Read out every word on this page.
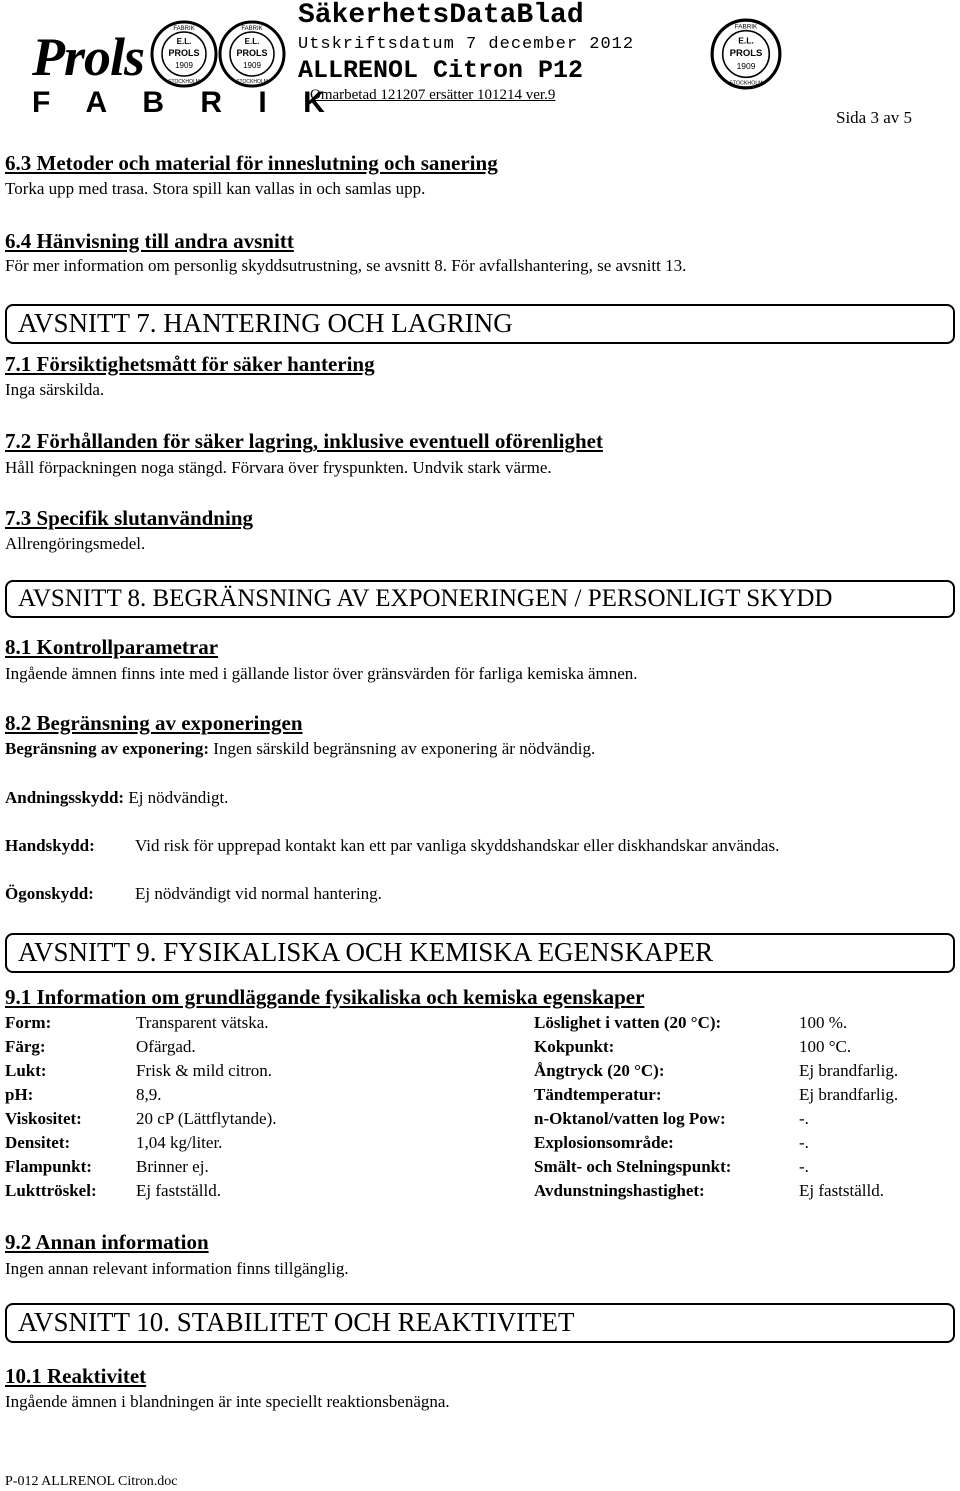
Prols
F A B R I K
E.L.
PROLS
1909
FABRIK
STOCKHOLM
E.L.
PROLS
1909
FABRIK
STOCKHOLM
E.L.
PROLS
1909
FABRIK
STOCKHOLM
SäkerhetsDataBlad
Utskriftsdatum 7 december 2012
ALLRENOL Citron P12
Omarbetad 121207 ersätter 101214 ver.9
Sida 3 av 5
6.3 Metoder och material för inneslutning och sanering
Torka upp med trasa. Stora spill kan vallas in och samlas upp.
6.4 Hänvisning till andra avsnitt
För mer information om personlig skyddsutrustning, se avsnitt 8. För avfallshantering, se avsnitt 13.
AVSNITT 7. HANTERING OCH LAGRING
7.1 Försiktighetsmått för säker hantering
Inga särskilda.
7.2 Förhållanden för säker lagring, inklusive eventuell oförenlighet
Håll förpackningen noga stängd. Förvara över fryspunkten. Undvik stark värme.
7.3 Specifik slutanvändning
Allrengöringsmedel.
AVSNITT 8. BEGRÄNSNING AV EXPONERINGEN / PERSONLIGT SKYDD
8.1 Kontrollparametrar
Ingående ämnen finns inte med i gällande listor över gränsvärden för farliga kemiska ämnen.
8.2 Begränsning av exponeringen
Begränsning av exponering: Ingen särskild begränsning av exponering är nödvändig.
Andningsskydd: Ej nödvändigt.
Handskydd: Vid risk för upprepad kontakt kan ett par vanliga skyddshandskar eller diskhandskar användas.
Ögonskydd: Ej nödvändigt vid normal hantering.
AVSNITT 9. FYSIKALISKA OCH KEMISKA EGENSKAPER
9.1 Information om grundläggande fysikaliska och kemiska egenskaper
Form:	Transparent vätska.	Löslighet i vatten (20 °C):	100 %.
Färg:	Ofärgad.	Kokpunkt:	100 °C.
Lukt:	Frisk & mild citron.	Ångtryck (20 °C):	Ej brandfarlig.
pH:	8,9.	Tändtemperatur:	Ej brandfarlig.
Viskositet:	20 cP (Lättflytande).	n-Oktanol/vatten log Pow:	-.
Densitet:	1,04 kg/liter.	Explosionsområde:	-.
Flampunkt:	Brinner ej.	Smält- och Stelningspunkt:	-.
Lukttröskel: Ej fastställd.	Avdunstningshastighet:	Ej fastställd.
9.2 Annan information
Ingen annan relevant information finns tillgänglig.
AVSNITT 10. STABILITET OCH REAKTIVITET
10.1 Reaktivitet
Ingående ämnen i blandningen är inte speciellt reaktionsbenägna.
P-012 ALLRENOL Citron.doc
